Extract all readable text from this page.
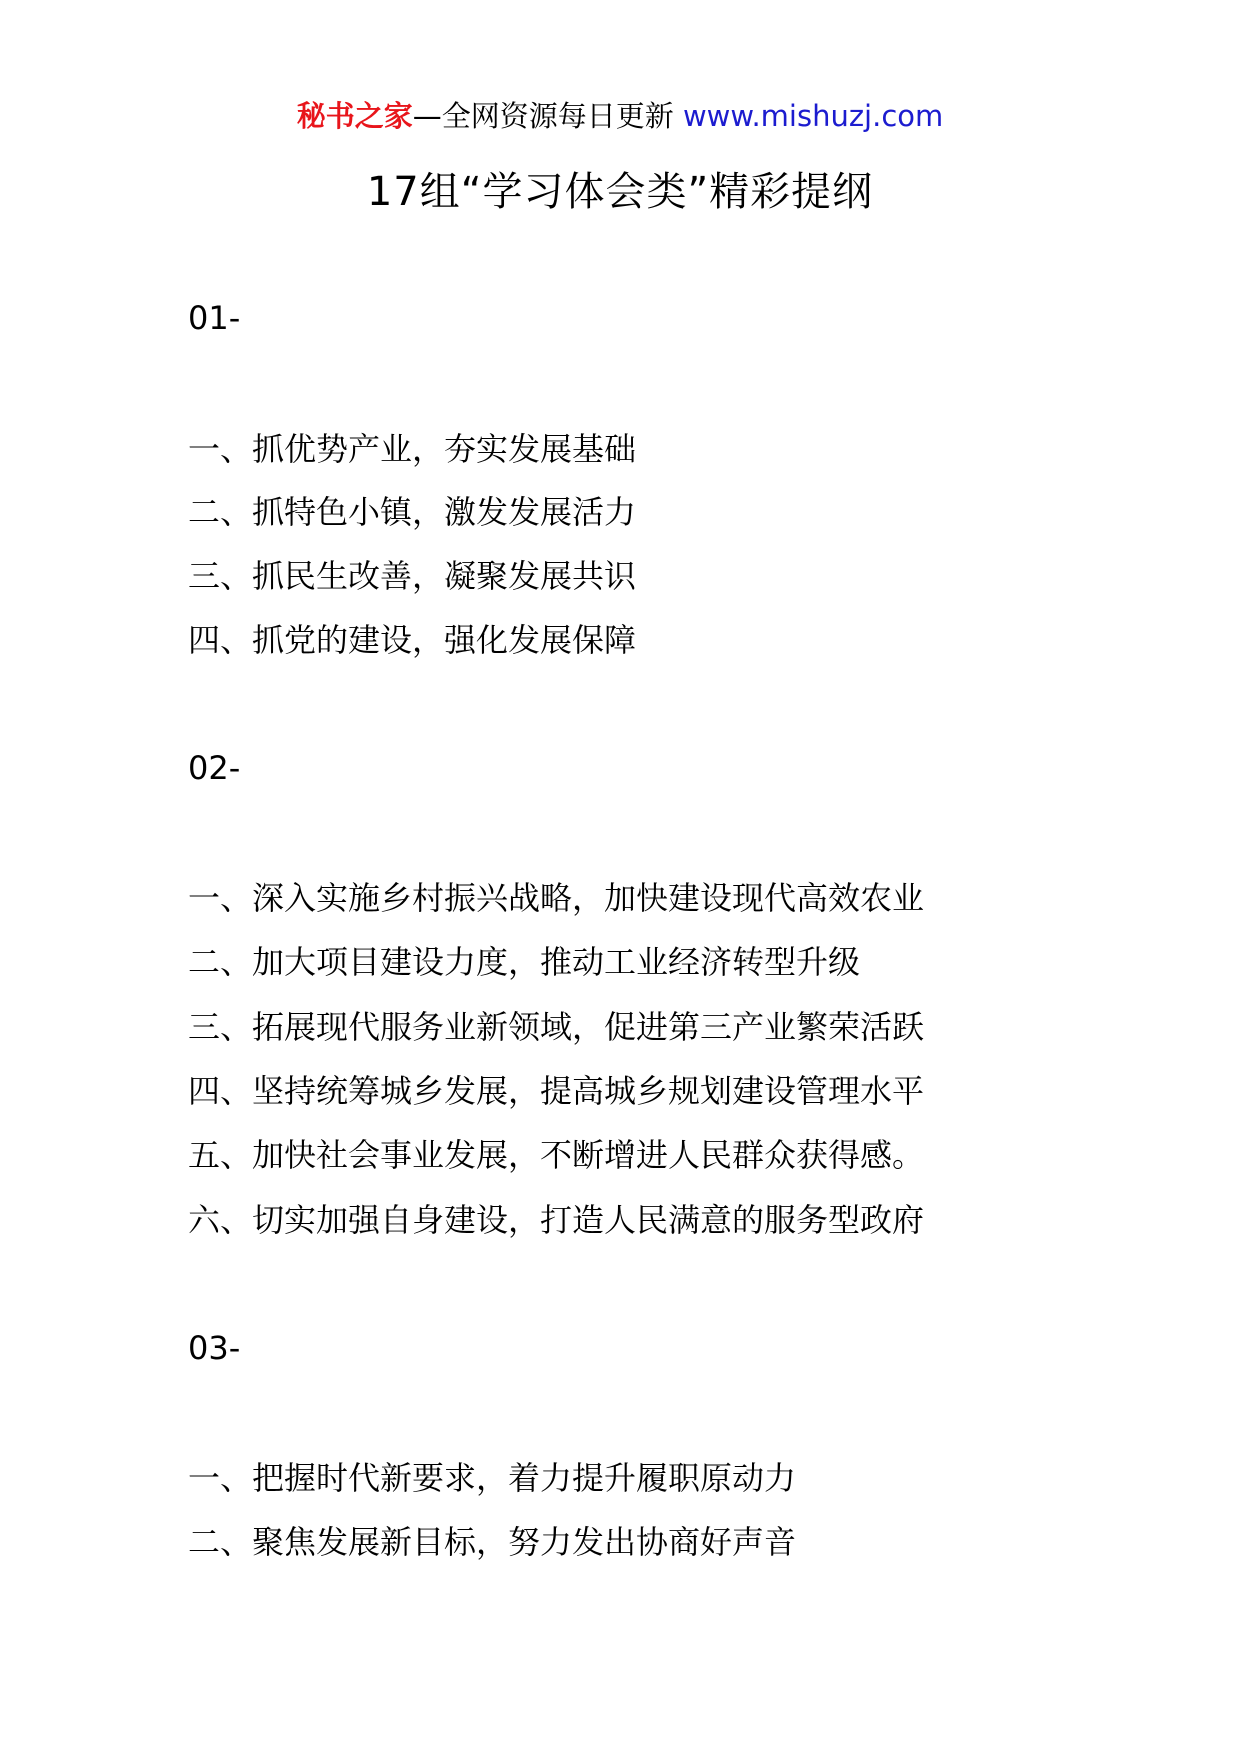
秘书之家—全网资源每日更新 www.mishuzj.com
17组“学习体会类”精彩提纲
01-
一、抓优势产业，夯实发展基础
二、抓特色小镇，激发发展活力
三、抓民生改善，凝聚发展共识
四、抓党的建设，强化发展保障
02-
一、深入实施乡村振兴战略，加快建设现代高效农业
二、加大项目建设力度，推动工业经济转型升级
三、拓展现代服务业新领域，促进第三产业繁荣活跃
四、坚持统筹城乡发展，提高城乡规划建设管理水平
五、加快社会事业发展，不断增进人民群众获得感。
六、切实加强自身建设，打造人民满意的服务型政府
03-
一、把握时代新要求，着力提升履职原动力
二、聚焦发展新目标，努力发出协商好声音
